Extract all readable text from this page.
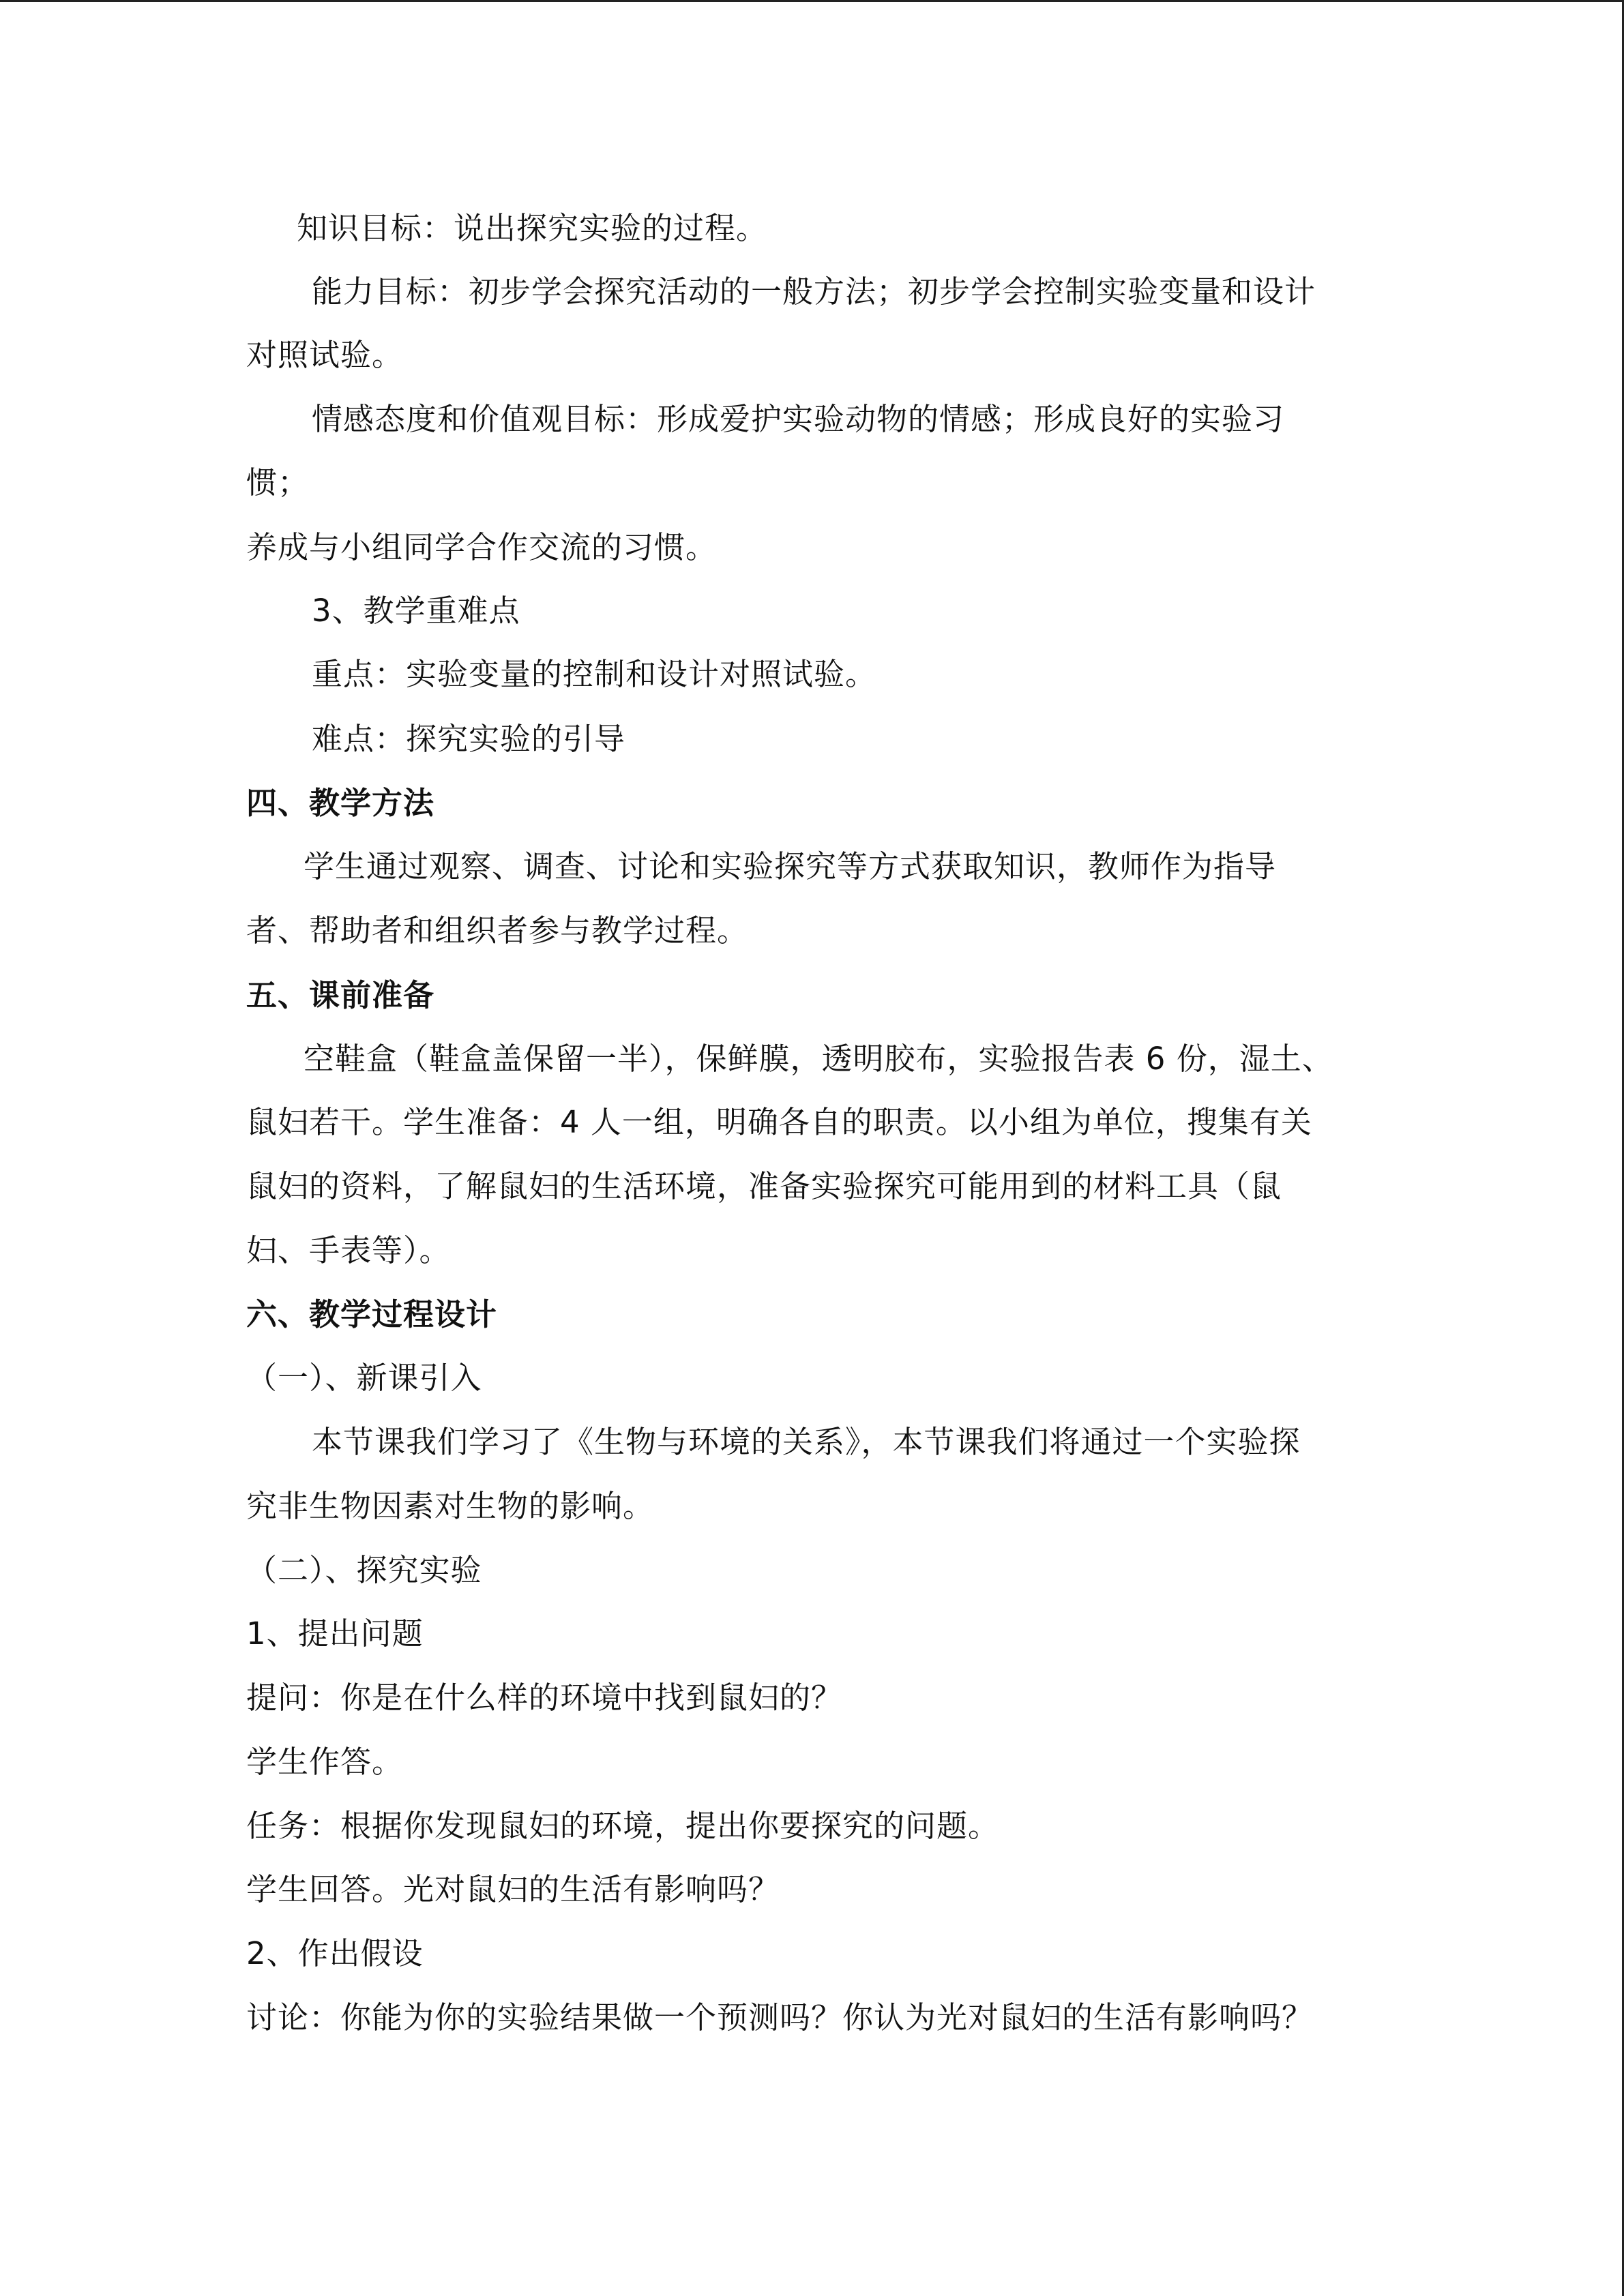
知识目标：说出探究实验的过程。
能力目标：初步学会探究活动的一般方法；初步学会控制实验变量和设计
对照试验。
情感态度和价值观目标：形成爱护实验动物的情感；形成良好的实验习
惯；
养成与小组同学合作交流的习惯。
3、教学重难点
重点：实验变量的控制和设计对照试验。
难点：探究实验的引导
四、教学方法
学生通过观察、调查、讨论和实验探究等方式获取知识，教师作为指导
者、帮助者和组织者参与教学过程。
五、课前准备
空鞋盒（鞋盒盖保留一半），保鲜膜，透明胶布，实验报告表 6 份，湿土、
鼠妇若干。学生准备：4 人一组，明确各自的职责。以小组为单位，搜集有关
鼠妇的资料，了解鼠妇的生活环境，准备实验探究可能用到的材料工具（鼠
妇、手表等）。
六、教学过程设计
（一）、新课引入
本节课我们学习了《生物与环境的关系》，本节课我们将通过一个实验探
究非生物因素对生物的影响。
（二）、探究实验
1、提出问题
提问：你是在什么样的环境中找到鼠妇的？
学生作答。
任务：根据你发现鼠妇的环境，提出你要探究的问题。
学生回答。光对鼠妇的生活有影响吗？
2、作出假设
讨论：你能为你的实验结果做一个预测吗？你认为光对鼠妇的生活有影响吗？
